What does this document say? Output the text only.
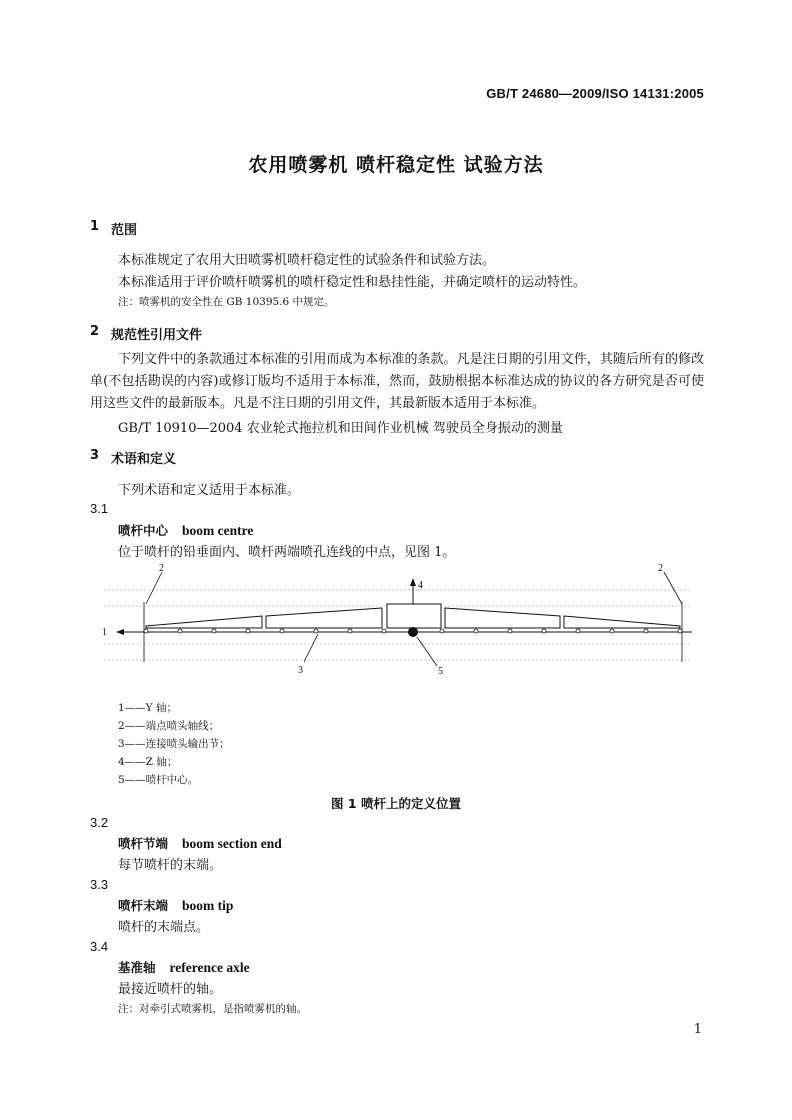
GB/T 24680—2009/ISO 14131:2005
农用喷雾机 喷杆稳定性 试验方法
1 范围
本标准规定了农用大田喷雾机喷杆稳定性的试验条件和试验方法。
本标准适用于评价喷杆喷雾机的喷杆稳定性和悬挂性能，并确定喷杆的运动特性。
注：喷雾机的安全性在 GB 10395.6 中规定。
2 规范性引用文件
下列文件中的条款通过本标准的引用而成为本标准的条款。凡是注日期的引用文件，其随后所有的修改单(不包括勘误的内容)或修订版均不适用于本标准，然而，鼓励根据本标准达成的协议的各方研究是否可使用这些文件的最新版本。凡是不注日期的引用文件，其最新版本适用于本标准。
GB/T 10910—2004 农业轮式拖拉机和田间作业机械 驾驶员全身振动的测量
3 术语和定义
下列术语和定义适用于本标准。
3.1
喷杆中心 boom centre
位于喷杆的铅垂面内、喷杆两端喷孔连线的中点，见图 1。
1
2	2
3
4
5
1——Y 轴；
2——端点喷头轴线；
3——连接喷头输出节；
4——Z 轴；
5——喷杆中心。
图 1 喷杆上的定义位置
3.2
喷杆节端 boom section end
每节喷杆的末端。
3.3
喷杆末端 boom tip
喷杆的末端点。
3.4
基准轴 reference axle
最接近喷杆的轴。
注：对牵引式喷雾机，是指喷雾机的轴。
1
